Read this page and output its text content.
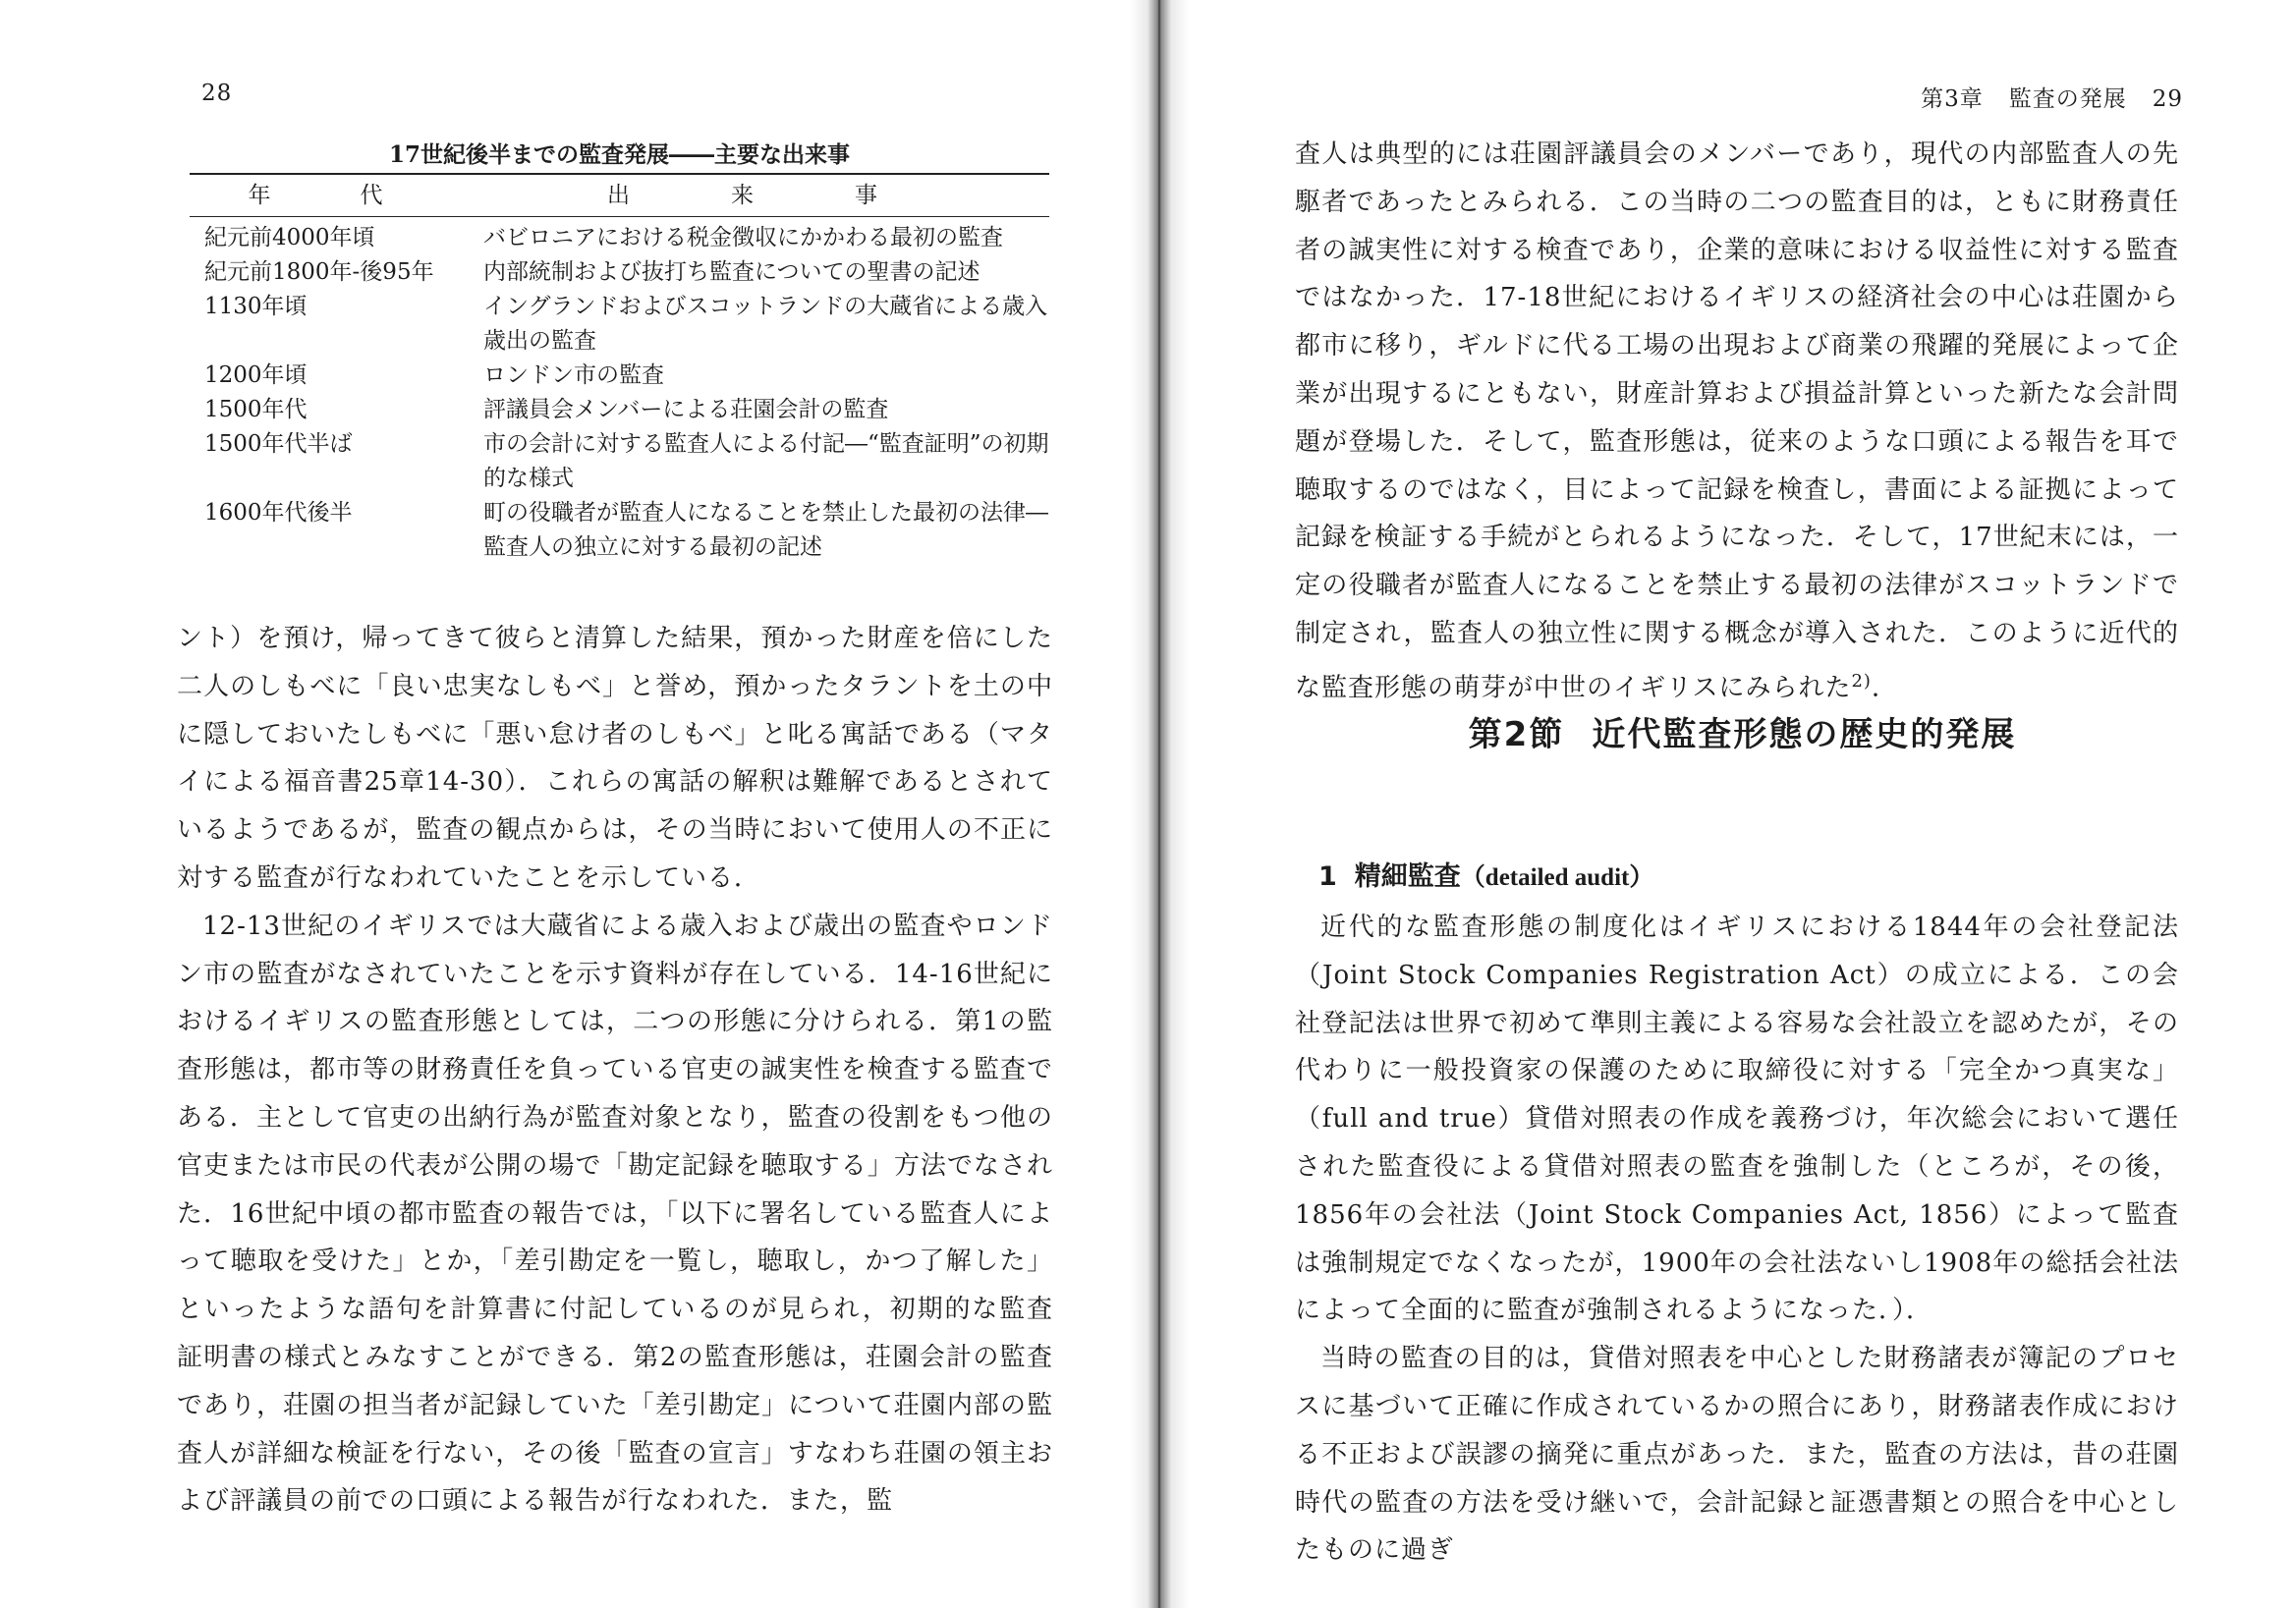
28
17世紀後半までの監査発展――主要な出来事
年　代	出　来　事
紀元前4000年頃	バビロニアにおける税金徴収にかかわる最初の監査
紀元前1800年-後95年	内部統制および抜打ち監査についての聖書の記述
1130年頃	イングランドおよびスコットランドの大蔵省による歳入歳出の監査
1200年頃	ロンドン市の監査
1500年代	評議員会メンバーによる荘園会計の監査
1500年代半ば	市の会計に対する監査人による付記―“監査証明”の初期的な様式
1600年代後半	町の役職者が監査人になることを禁止した最初の法律―監査人の独立に対する最初の記述

ント）を預け，帰ってきて彼らと清算した結果，預かった財産を倍にした二人のしもべに「良い忠実なしもべ」と誉め，預かったタラントを土の中に隠しておいたしもべに「悪い怠け者のしもべ」と叱る寓話である（マタイによる福音書25章14-30）．これらの寓話の解釈は難解であるとされているようであるが，監査の観点からは，その当時において使用人の不正に対する監査が行なわれていたことを示している．

12-13世紀のイギリスでは大蔵省による歳入および歳出の監査やロンドン市の監査がなされていたことを示す資料が存在している．14-16世紀におけるイギリスの監査形態としては，二つの形態に分けられる．第1の監査形態は，都市等の財務責任を負っている官吏の誠実性を検査する監査である．主として官吏の出納行為が監査対象となり，監査の役割をもつ他の官吏または市民の代表が公開の場で「勘定記録を聴取する」方法でなされた．16世紀中頃の都市監査の報告では，「以下に署名している監査人によって聴取を受けた」とか，「差引勘定を一覧し，聴取し，かつ了解した」といったような語句を計算書に付記しているのが見られ，初期的な監査証明書の様式とみなすことができる．第2の監査形態は，荘園会計の監査であり，荘園の担当者が記録していた「差引勘定」について荘園内部の監査人が詳細な検証を行ない，その後「監査の宣言」すなわち荘園の領主および評議員の前での口頭による報告が行なわれた．また，監

第3章 監査の発展 29

査人は典型的には荘園評議員会のメンバーであり，現代の内部監査人の先駆者であったとみられる．この当時の二つの監査目的は，ともに財務責任者の誠実性に対する検査であり，企業的意味における収益性に対する監査ではなかった．17-18世紀におけるイギリスの経済社会の中心は荘園から都市に移り，ギルドに代る工場の出現および商業の飛躍的発展によって企業が出現するにともない，財産計算および損益計算といった新たな会計問題が登場した．そして，監査形態は，従来のような口頭による報告を耳で聴取するのではなく，目によって記録を検査し，書面による証拠によって記録を検証する手続がとられるようになった．そして，17世紀末には，一定の役職者が監査人になることを禁止する最初の法律がスコットランドで制定され，監査人の独立性に関する概念が導入された．このように近代的な監査形態の萌芽が中世のイギリスにみられた$^{2)}$．

第2節 近代監査形態の歴史的発展
1 精細監査（detailed audit）

近代的な監査形態の制度化はイギリスにおける1844年の会社登記法（Joint Stock Companies Registration Act）の成立による．この会社登記法は世界で初めて準則主義による容易な会社設立を認めたが，その代わりに一般投資家の保護のために取締役に対する「完全かつ真実な」（full and true）貸借対照表の作成を義務づけ，年次総会において選任された監査役による貸借対照表の監査を強制した（ところが，その後，1856年の会社法（Joint Stock Companies Act, 1856）によって監査は強制規定でなくなったが，1900年の会社法ないし1908年の総括会社法によって全面的に監査が強制されるようになった．）．

当時の監査の目的は，貸借対照表を中心とした財務諸表が簿記のプロセスに基づいて正確に作成されているかの照合にあり，財務諸表作成における不正および誤謬の摘発に重点があった．また，監査の方法は，昔の荘園時代の監査の方法を受け継いで，会計記録と証憑書類との照合を中心としたものに過ぎ
